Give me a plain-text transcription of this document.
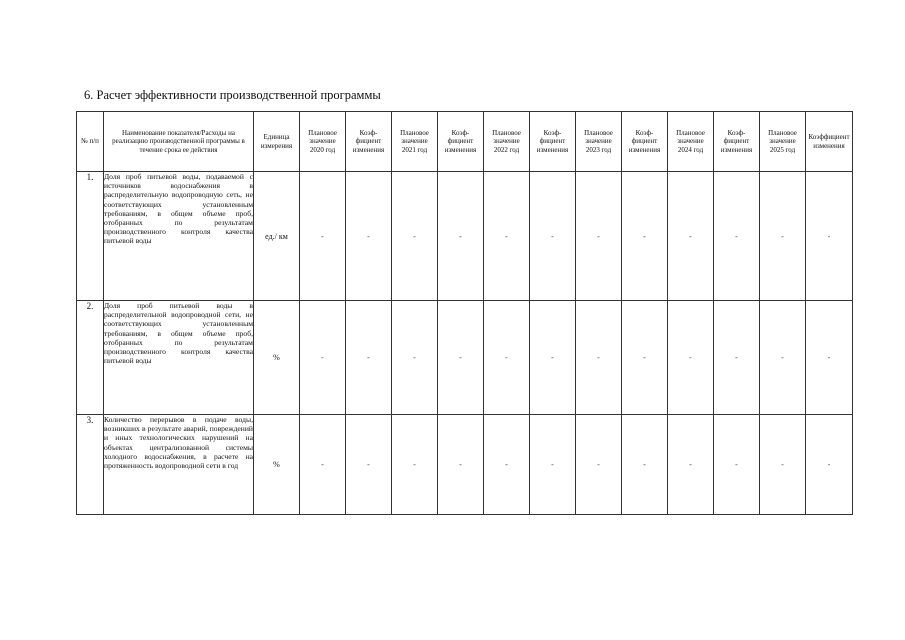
6. Расчет эффективности производственной программы
№ п/п	Наименование показателя/Расходы на реализацию производственной программы в течение срока ее действия	Единица измерения	Плановое значение 2020 год	Коэффициент изменения	Плановое значение 2021 год	Коэффициент изменения	Плановое значение 2022 год	Коэффициент изменения	Плановое значение 2023 год	Коэффициент изменения	Плановое значение 2024 год	Коэффициент изменения	Плановое значение 2025 год	Коэффициент изменения

1.	Доля проб питьевой воды, подаваемой с источников водоснабжения в распределительную водопроводную сеть, не соответствующих установленным требованиям, в общем объеме проб, отобранных по результатам производственного контроля качества питьевой воды	ед./ км	-	-	-	-	-	-	-	-	-	-	-	-
2.	Доля проб питьевой воды в распределительной водопроводной сети, не соответствующих установленным требованиям, в общем объеме проб, отобранных по результатам производственного контроля качества питьевой воды	%	-	-	-	-	-	-	-	-	-	-	-	-
3.	Количество перерывов в подаче воды, возникших в результате аварий, повреждений и иных технологических нарушений на объектах централизованной системы холодного водоснабжения, в расчете на протяженность водопроводной сети в год	%	-	-	-	-	-	-	-	-	-	-	-	-
